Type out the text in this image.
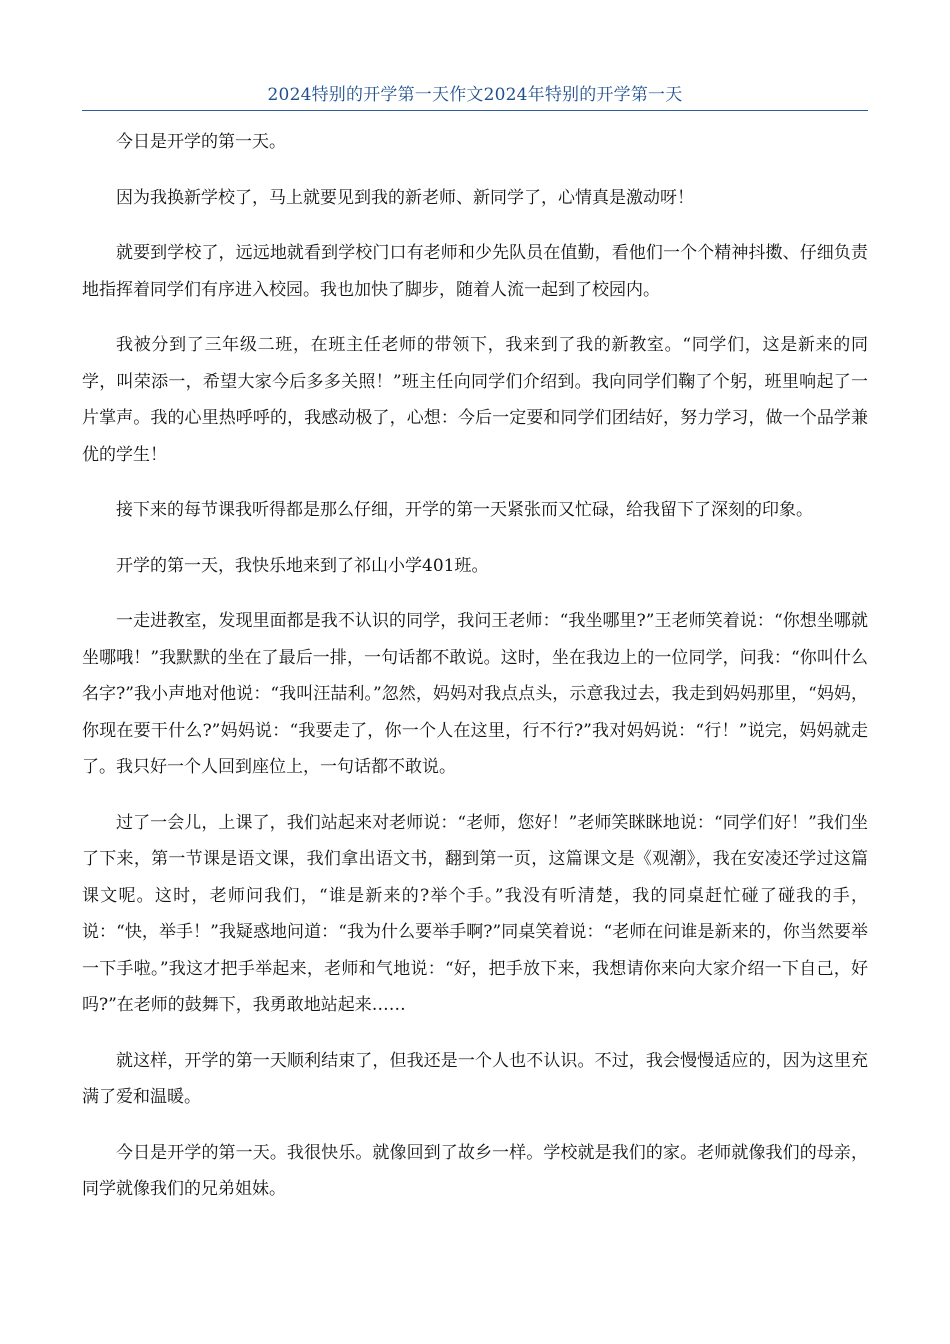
2024特别的开学第一天作文2024年特别的开学第一天

今日是开学的第一天。

因为我换新学校了，马上就要见到我的新老师、新同学了，心情真是激动呀！

就要到学校了，远远地就看到学校门口有老师和少先队员在值勤，看他们一个个精神抖擞、仔细负责地指挥着同学们有序进入校园。我也加快了脚步，随着人流一起到了校园内。

我被分到了三年级二班，在班主任老师的带领下，我来到了我的新教室。“同学们，这是新来的同学，叫荣添一，希望大家今后多多关照！”班主任向同学们介绍到。我向同学们鞠了个躬，班里响起了一片掌声。我的心里热呼呼的，我感动极了，心想：今后一定要和同学们团结好，努力学习，做一个品学兼优的学生！

接下来的每节课我听得都是那么仔细，开学的第一天紧张而又忙碌，给我留下了深刻的印象。

开学的第一天，我快乐地来到了祁山小学401班。

一走进教室，发现里面都是我不认识的同学，我问王老师：“我坐哪里?”王老师笑着说：“你想坐哪就坐哪哦！”我默默的坐在了最后一排，一句话都不敢说。这时，坐在我边上的一位同学，问我：“你叫什么名字?”我小声地对他说：“我叫汪喆利。”忽然，妈妈对我点点头，示意我过去，我走到妈妈那里，“妈妈，你现在要干什么?”妈妈说：“我要走了，你一个人在这里，行不行?”我对妈妈说：“行！”说完，妈妈就走了。我只好一个人回到座位上，一句话都不敢说。

过了一会儿，上课了，我们站起来对老师说：“老师，您好！”老师笑眯眯地说：“同学们好！”我们坐了下来，第一节课是语文课，我们拿出语文书，翻到第一页，这篇课文是《观潮》，我在安凌还学过这篇课文呢。这时，老师问我们，“谁是新来的?举个手。”我没有听清楚，我的同桌赶忙碰了碰我的手，说：“快，举手！”我疑惑地问道：“我为什么要举手啊?”同桌笑着说：“老师在问谁是新来的，你当然要举一下手啦。”我这才把手举起来，老师和气地说：“好，把手放下来，我想请你来向大家介绍一下自己，好吗?”在老师的鼓舞下，我勇敢地站起来……

就这样，开学的第一天顺利结束了，但我还是一个人也不认识。不过，我会慢慢适应的，因为这里充满了爱和温暖。

今日是开学的第一天。我很快乐。就像回到了故乡一样。学校就是我们的家。老师就像我们的母亲，同学就像我们的兄弟姐妹。
